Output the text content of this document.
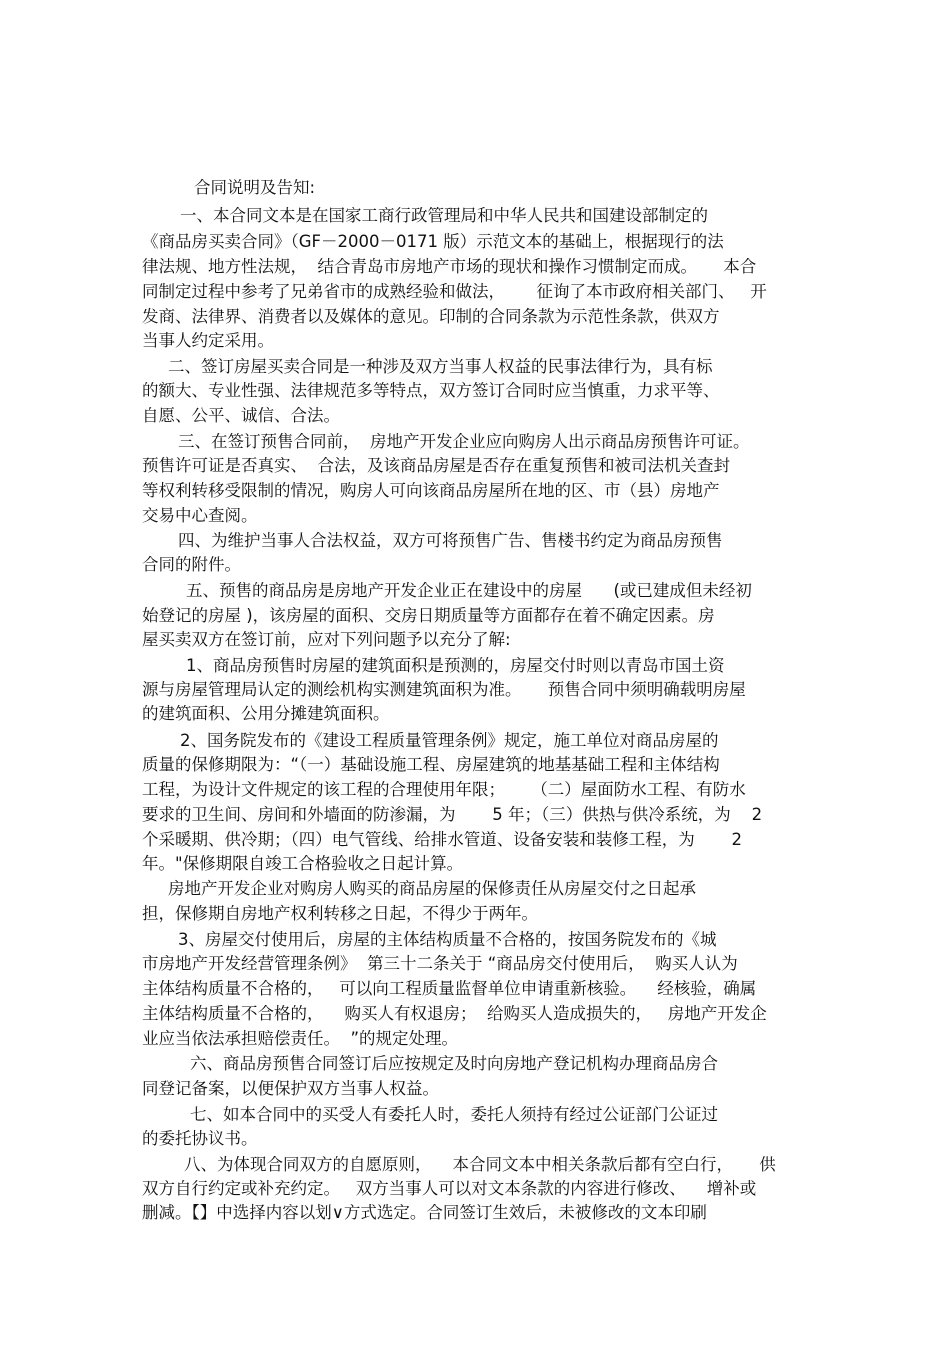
合同说明及告知:
一、本合同文本是在国家工商行政管理局和中华人民共和国建设部制定的
《商品房买卖合同》（GF－2000－0171 版）示范文本的基础上，根据现行的法
律法规、地方性法规，  结合青岛市房地产市场的现状和操作习惯制定而成。     本合
同制定过程中参考了兄弟省市的成熟经验和做法，      征询了本市政府相关部门、   开
发商、法律界、消费者以及媒体的意见。印制的合同条款为示范性条款，供双方
当事人约定采用。
二、签订房屋买卖合同是一种涉及双方当事人权益的民事法律行为，具有标
的额大、专业性强、法律规范多等特点，双方签订合同时应当慎重，力求平等、
自愿、公平、诚信、合法。
三、在签订预售合同前，  房地产开发企业应向购房人出示商品房预售许可证。
预售许可证是否真实、  合法，及该商品房屋是否存在重复预售和被司法机关查封
等权利转移受限制的情况，购房人可向该商品房屋所在地的区、市（县）房地产
交易中心查阅。
四、为维护当事人合法权益，双方可将预售广告、售楼书约定为商品房预售
合同的附件。
五、预售的商品房是房地产开发企业正在建设中的房屋      (或已建成但未经初
始登记的房屋 )，该房屋的面积、交房日期质量等方面都存在着不确定因素。房
屋买卖双方在签订前，应对下列问题予以充分了解:
1、商品房预售时房屋的建筑面积是预测的，房屋交付时则以青岛市国土资
源与房屋管理局认定的测绘机构实测建筑面积为准。     预售合同中须明确载明房屋
的建筑面积、公用分摊建筑面积。
2、国务院发布的《建设工程质量管理条例》规定，施工单位对商品房屋的
质量的保修期限为：“（一）基础设施工程、房屋建筑的地基基础工程和主体结构
工程，为设计文件规定的该工程的合理使用年限；     （二）屋面防水工程、有防水
要求的卫生间、房间和外墙面的防渗漏，为       5 年；（三）供热与供冷系统，为    2
个采暖期、供冷期；（四）电气管线、给排水管道、设备安装和装修工程，为       2
年。"保修期限自竣工合格验收之日起计算。
房地产开发企业对购房人购买的商品房屋的保修责任从房屋交付之日起承
担，保修期自房地产权利转移之日起，不得少于两年。
3、房屋交付使用后，房屋的主体结构质量不合格的，按国务院发布的《城
市房地产开发经营管理条例》  第三十二条关于 “商品房交付使用后，  购买人认为
主体结构质量不合格的，   可以向工程质量监督单位申请重新核验。    经核验，确属
主体结构质量不合格的，    购买人有权退房；  给购买人造成损失的，   房地产开发企
业应当依法承担赔偿责任。  ”的规定处理。
六、商品房预售合同签订后应按规定及时向房地产登记机构办理商品房合
同登记备案，以便保护双方当事人权益。
七、如本合同中的买受人有委托人时，委托人须持有经过公证部门公证过
的委托协议书。
八、为体现合同双方的自愿原则，    本合同文本中相关条款后都有空白行，     供
双方自行约定或补充约定。   双方当事人可以对文本条款的内容进行修改、    增补或
删减。【】中选择内容以划∨方式选定。合同签订生效后，未被修改的文本印刷
